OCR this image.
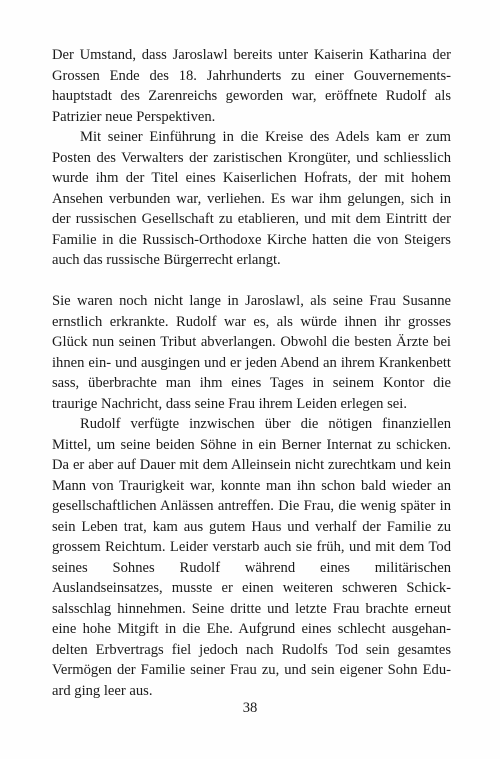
Der Umstand, dass Jaroslawl bereits unter Kaiserin Katharina der Grossen Ende des 18. Jahrhunderts zu einer Gouvernementshauptstadt des Zarenreichs geworden war, eröffnete Rudolf als Patrizier neue Perspektiven.

Mit seiner Einführung in die Kreise des Adels kam er zum Posten des Verwalters der zaristischen Krongüter, und schliesslich wurde ihm der Titel eines Kaiserlichen Hofrats, der mit hohem Ansehen verbunden war, verliehen. Es war ihm gelungen, sich in der russischen Gesellschaft zu etablieren, und mit dem Eintritt der Familie in die Russisch-Orthodoxe Kirche hatten die von Steigers auch das russische Bürgerrecht erlangt.

Sie waren noch nicht lange in Jaroslawl, als seine Frau Susanne ernstlich erkrankte. Rudolf war es, als würde ihnen ihr grosses Glück nun seinen Tribut abverlangen. Obwohl die besten Ärzte bei ihnen ein- und ausgingen und er jeden Abend an ihrem Krankenbett sass, überbrachte man ihm eines Tages in seinem Kontor die traurige Nachricht, dass seine Frau ihrem Leiden erlegen sei.

Rudolf verfügte inzwischen über die nötigen finanziellen Mittel, um seine beiden Söhne in ein Berner Internat zu schicken. Da er aber auf Dauer mit dem Alleinsein nicht zurechtkam und kein Mann von Traurigkeit war, konnte man ihn schon bald wieder an gesellschaftlichen Anlässen antreffen. Die Frau, die wenig später in sein Leben trat, kam aus gutem Haus und verhalf der Familie zu grossem Reichtum. Leider verstarb auch sie früh, und mit dem Tod seines Sohnes Rudolf während eines militärischen Auslandseinsatzes, musste er einen weiteren schweren Schicksalsschlag hinnehmen. Seine dritte und letzte Frau brachte erneut eine hohe Mitgift in die Ehe. Aufgrund eines schlecht ausgehandelten Erbvertrags fiel jedoch nach Rudolfs Tod sein gesamtes Vermögen der Familie seiner Frau zu, und sein eigener Sohn Eduard ging leer aus.

38
